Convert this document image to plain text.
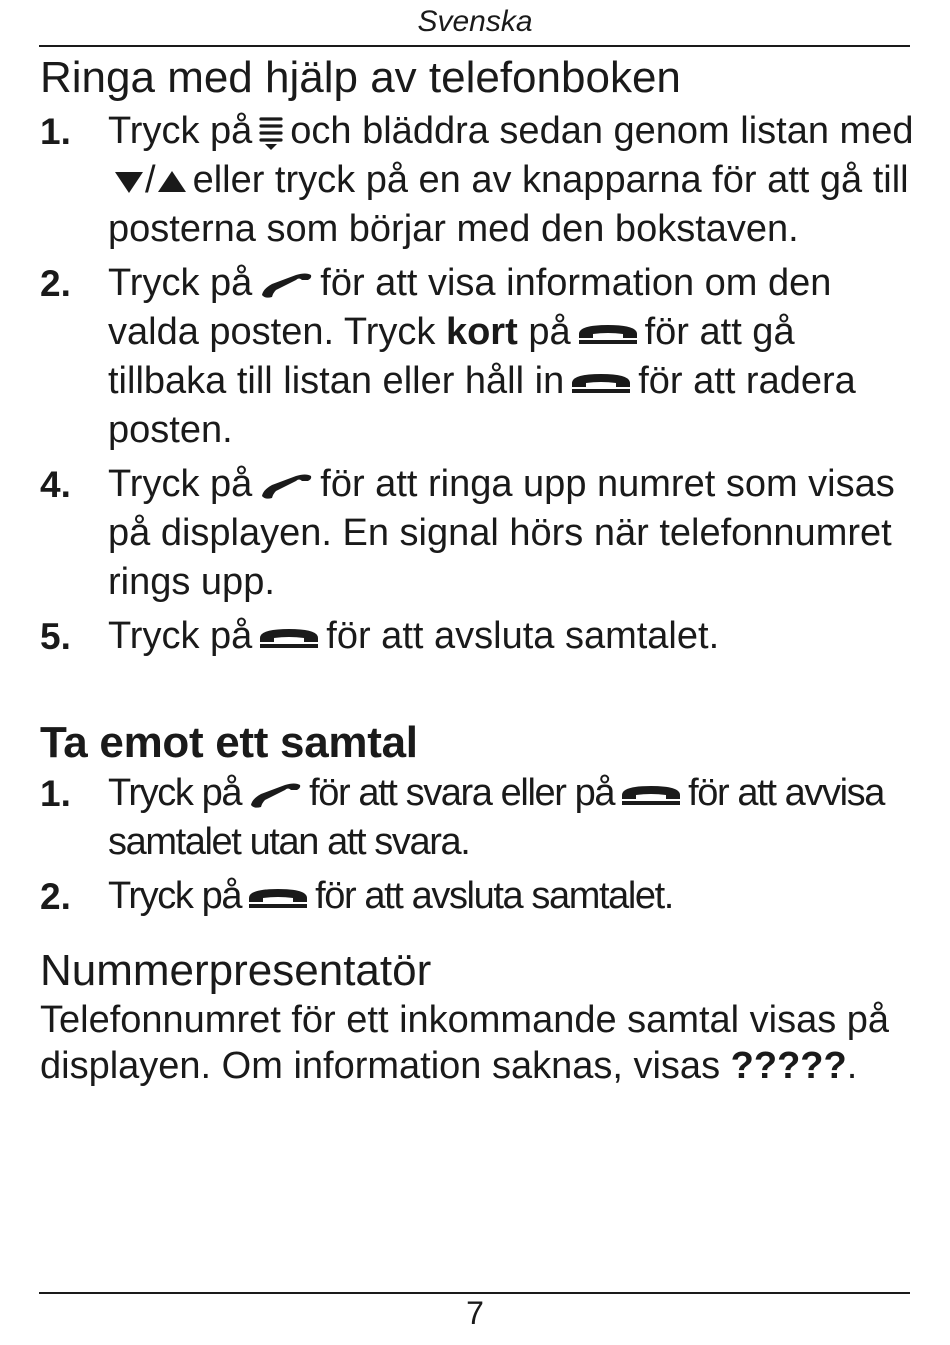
Svenska
Ringa med hjälp av telefonboken
1. Tryck på och bläddra sedan genom listan med
/ eller tryck på en av knapparna för att gå till posterna som börjar med den bokstaven.
2. Tryck på för att visa information om den valda posten. Tryck kort på för att gå tillbaka till listan eller håll in för att radera posten.
4. Tryck på för att ringa upp numret som visas på displayen. En signal hörs när telefonnumret rings upp.
5. Tryck på för att avsluta samtalet.
Ta emot ett samtal
1. Tryck på för att svara eller på för att avvisa samtalet utan att svara.
2. Tryck på för att avsluta samtalet.
Nummerpresentatör

Telefonnumret för ett inkommande samtal visas på displayen. Om information saknas, visas ?????.

7
